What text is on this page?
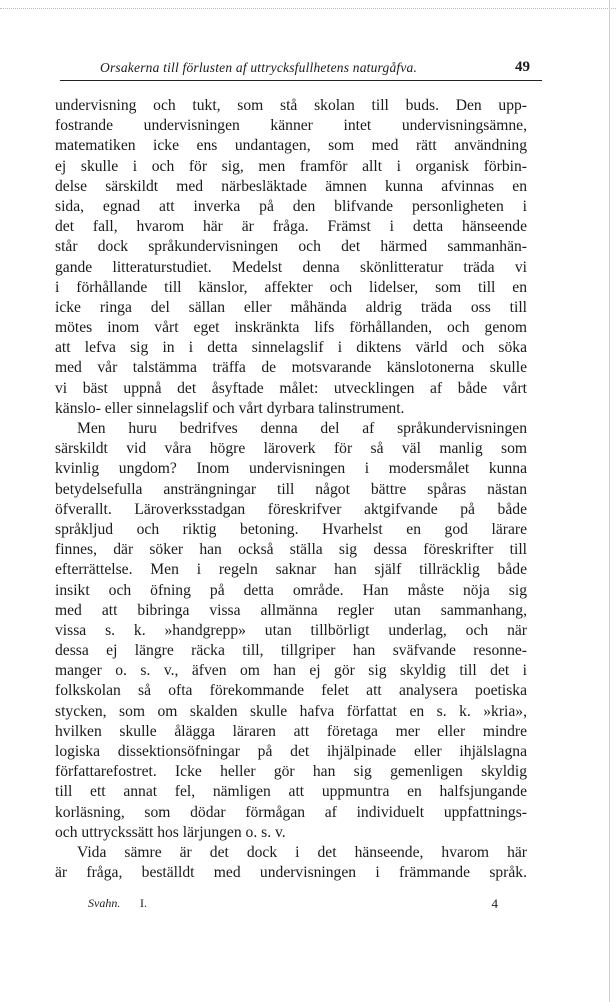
Orsakerna till förlusten af uttrycksfullhetens naturgåfva.	49
undervisning och tukt, som stå skolan till buds. Den upp-
fostrande undervisningen känner intet undervisningsämne,
matematiken icke ens undantagen, som med rätt användning
ej skulle i och för sig, men framför allt i organisk förbin-
delse särskildt med närbesläktade ämnen kunna afvinnas en
sida, egnad att inverka på den blifvande personligheten i
det fall, hvarom här är fråga. Främst i detta hänseende
står dock språkundervisningen och det härmed sammanhän-
gande litteraturstudiet. Medelst denna skönlitteratur träda vi
i förhållande till känslor, affekter och lidelser, som till en
icke ringa del sällan eller måhända aldrig träda oss till
mötes inom vårt eget inskränkta lifs förhållanden, och genom
att lefva sig in i detta sinnelagslif i diktens värld och söka
med vår talstämma träffa de motsvarande känslotonerna skulle
vi bäst uppnå det åsyftade målet: utvecklingen af både vårt
känslo- eller sinnelagslif och vårt dyrbara talinstrument.
Men huru bedrifves denna del af språkundervisningen
särskildt vid våra högre läroverk för så väl manlig som
kvinlig ungdom? Inom undervisningen i modersmålet kunna
betydelsefulla ansträngningar till något bättre spåras nästan
öfverallt. Läroverksstadgan föreskrifver aktgifvande på både
språkljud och riktig betoning. Hvarhelst en god lärare
finnes, där söker han också ställa sig dessa föreskrifter till
efterrättelse. Men i regeln saknar han själf tillräcklig både
insikt och öfning på detta område. Han måste nöja sig
med att bibringa vissa allmänna regler utan sammanhang,
vissa s. k. »handgrepp» utan tillbörligt underlag, och när
dessa ej längre räcka till, tillgriper han sväfvande resonne-
manger o. s. v., äfven om han ej gör sig skyldig till det i
folkskolan så ofta förekommande felet att analysera poetiska
stycken, som om skalden skulle hafva författat en s. k. »kria»,
hvilken skulle ålägga läraren att företaga mer eller mindre
logiska dissektionsöfningar på det ihjälpinade eller ihjälslagna
författarefostret. Icke heller gör han sig gemenligen skyldig
till ett annat fel, nämligen att uppmuntra en halfsjungande
korläsning, som dödar förmågan af individuelt uppfattnings-
och uttryckssätt hos lärjungen o. s. v.
Vida sämre är det dock i det hänseende, hvarom här
är fråga, beställdt med undervisningen i främmande språk.
Svahn. I.	4
